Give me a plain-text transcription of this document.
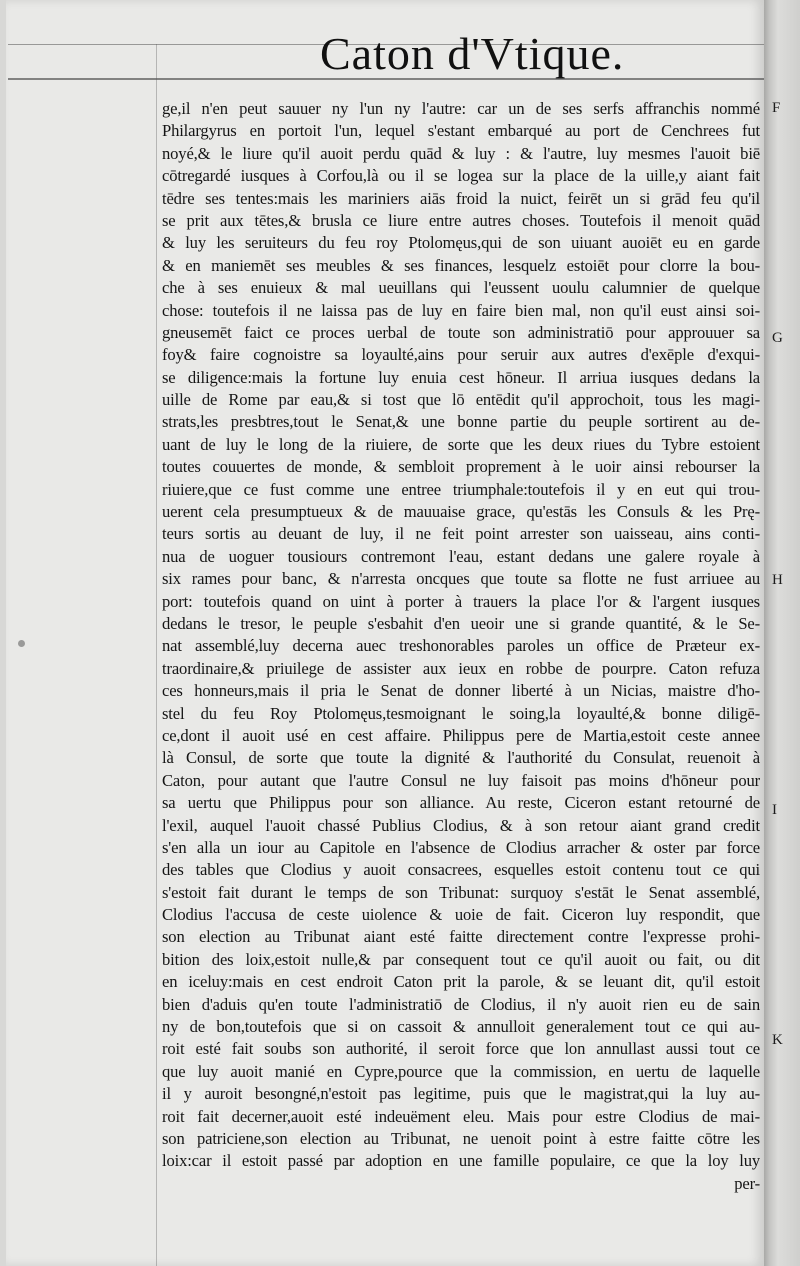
Caton d'Vtique.
ge,il n'en peut sauuer ny l'un ny l'autre: car un de ses serfs affranchis nommé
Philargyrus en portoit l'un, lequel s'estant embarqué au port de Cenchrees fut
noyé,& le liure qu'il auoit perdu quād & luy : & l'autre, luy mesmes l'auoit biē
cōtregardé iusques à Corfou,là ou il se logea sur la place de la uille,y aiant fait
tēdre ses tentes:mais les mariniers aiās froid la nuict, feirēt un si grād feu qu'il
se prit aux tētes,& brusla ce liure entre autres choses. Toutefois il menoit quād
& luy les seruiteurs du feu roy Ptolomęus,qui de son uiuant auoiēt eu en garde
& en maniemēt ses meubles & ses finances, lesquelz estoiēt pour clorre la bou-
che à ses enuieux & mal ueuillans qui l'eussent uoulu calumnier de quelque
chose: toutefois il ne laissa pas de luy en faire bien mal, non qu'il eust ainsi soi-
gneusemēt faict ce proces uerbal de toute son administratiō pour approuuer sa
foy& faire cognoistre sa loyaulté,ains pour seruir aux autres d'exēple d'exqui-
se diligence:mais la fortune luy enuia cest hōneur. Il arriua iusques dedans la
uille de Rome par eau,& si tost que lō entēdit qu'il approchoit, tous les magi-
strats,les presbtres,tout le Senat,& une bonne partie du peuple sortirent au de-
uant de luy le long de la riuiere, de sorte que les deux riues du Tybre estoient
toutes couuertes de monde, & sembloit proprement à le uoir ainsi rebourser la
riuiere,que ce fust comme une entree triumphale:toutefois il y en eut qui trou-
uerent cela presumptueux & de mauuaise grace, qu'estās les Consuls & les Prę-
teurs sortis au deuant de luy, il ne feit point arrester son uaisseau, ains conti-
nua de uoguer tousiours contremont l'eau, estant dedans une galere royale à
six rames pour banc, & n'arresta oncques que toute sa flotte ne fust arriuee au
port: toutefois quand on uint à porter à trauers la place l'or & l'argent iusques
dedans le tresor, le peuple s'esbahit d'en ueoir une si grande quantité, & le Se-
nat assemblé,luy decerna auec treshonorables paroles un office de Prӕteur ex-
traordinaire,& priuilege de assister aux ieux en robbe de pourpre. Caton refuza
ces honneurs,mais il pria le Senat de donner liberté à un Nicias, maistre d'ho-
stel du feu Roy Ptolomęus,tesmoignant le soing,la loyaulté,& bonne diligē-
ce,dont il auoit usé en cest affaire. Philippus pere de Martia,estoit ceste annee
là Consul, de sorte que toute la dignité & l'authorité du Consulat, reuenoit à
Caton, pour autant que l'autre Consul ne luy faisoit pas moins d'hōneur pour
sa uertu que Philippus pour son alliance. Au reste, Ciceron estant retourné de
l'exil, auquel l'auoit chassé Publius Clodius, & à son retour aiant grand credit
s'en alla un iour au Capitole en l'absence de Clodius arracher & oster par force
des tables que Clodius y auoit consacrees, esquelles estoit contenu tout ce qui
s'estoit fait durant le temps de son Tribunat: surquoy s'estāt le Senat assemblé,
Clodius l'accusa de ceste uiolence & uoie de fait. Ciceron luy respondit, que
son election au Tribunat aiant esté faitte directement contre l'expresse prohi-
bition des loix,estoit nulle,& par consequent tout ce qu'il auoit ou fait, ou dit
en iceluy:mais en cest endroit Caton prit la parole, & se leuant dit, qu'il estoit
bien d'aduis qu'en toute l'administratiō de Clodius, il n'y auoit rien eu de sain
ny de bon,toutefois que si on cassoit & annulloit generalement tout ce qui au-
roit esté fait soubs son authorité, il seroit force que lon annullast aussi tout ce
que luy auoit manié en Cypre,pource que la commission, en uertu de laquelle
il y auroit besongné,n'estoit pas legitime, puis que le magistrat,qui la luy au-
roit fait decerner,auoit esté indeuëment eleu. Mais pour estre Clodius de mai-
son patriciene,son election au Tribunat, ne uenoit point à estre faitte cōtre les
loix:car il estoit passé par adoption en une famille populaire, ce que la loy luy
per-
F
G
H
I
K
